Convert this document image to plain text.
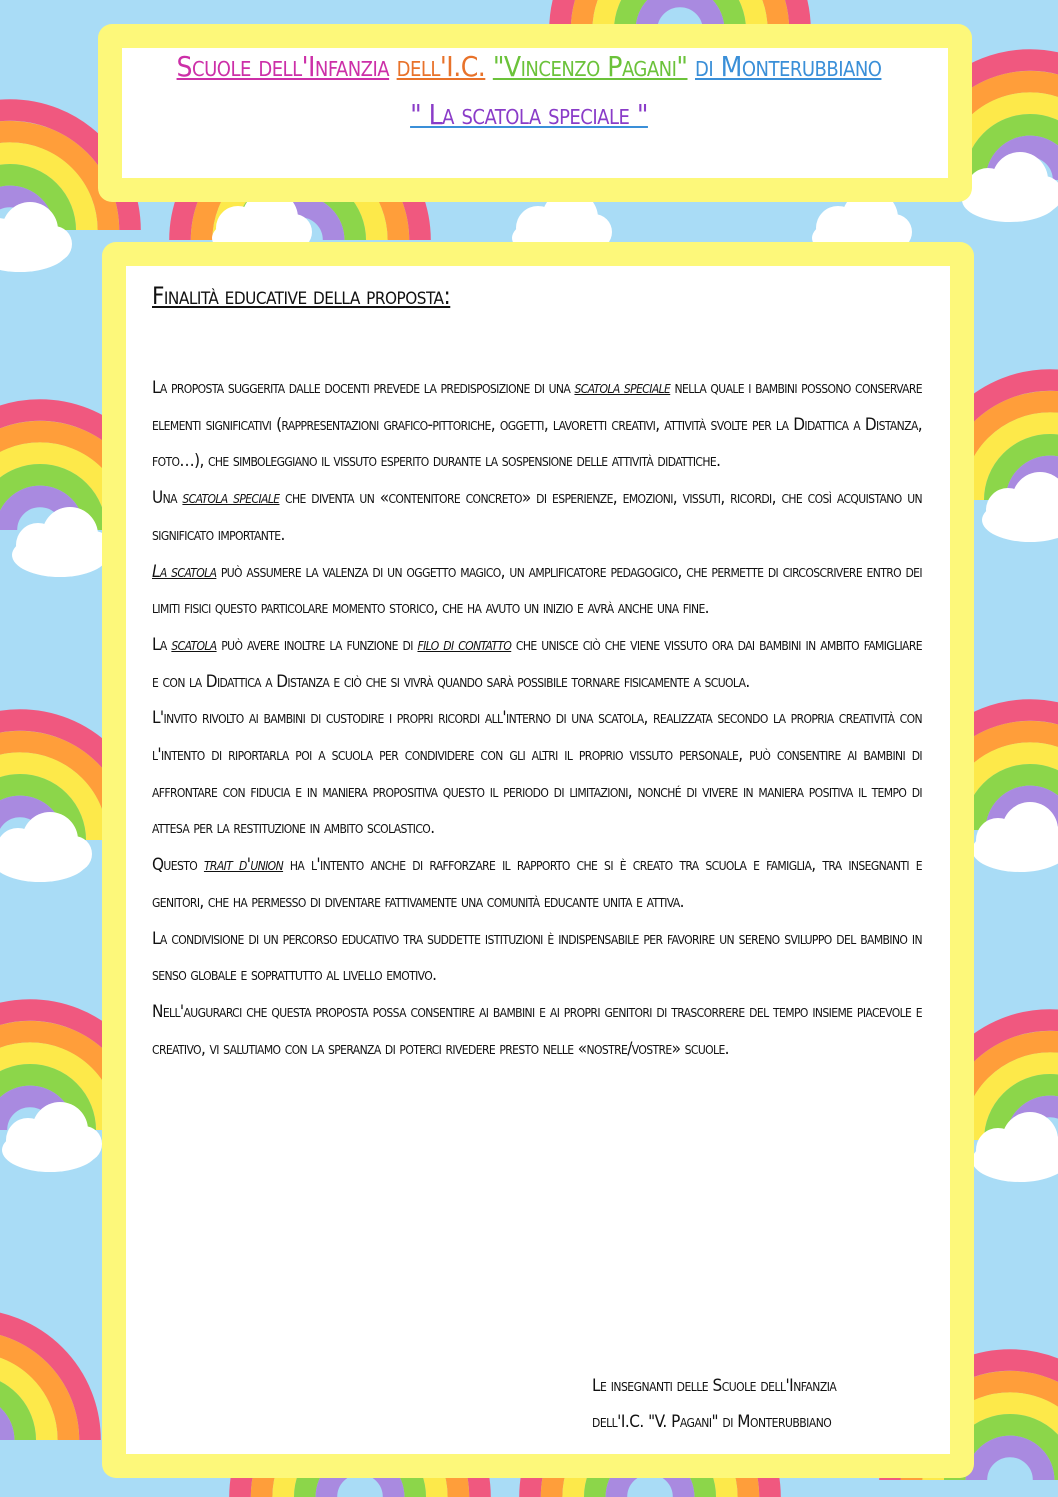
Scuole dell'Infanzia dell'I.C. "Vincenzo Pagani" di Monterubbiano
" La scatola speciale "
Finalità educative della proposta:

La proposta suggerita dalle docenti prevede la predisposizione di una scatola speciale nella quale i bambini possono conservare elementi significativi (rappresentazioni grafico-pittoriche, oggetti, lavoretti creativi, attività svolte per la Didattica a Distanza, foto…), che simboleggiano il vissuto esperito durante la sospensione delle attività didattiche.

Una scatola speciale che diventa un «contenitore concreto» di esperienze, emozioni, vissuti, ricordi, che così acquistano un significato importante.

La scatola può assumere la valenza di un oggetto magico, un amplificatore pedagogico, che permette di circoscrivere entro dei limiti fisici questo particolare momento storico, che ha avuto un inizio e avrà anche una fine.

La scatola può avere inoltre la funzione di filo di contatto che unisce ciò che viene vissuto ora dai bambini in ambito famigliare e con la Didattica a Distanza e ciò che si vivrà quando sarà possibile tornare fisicamente a scuola.

L'invito rivolto ai bambini di custodire i propri ricordi all'interno di una scatola, realizzata secondo la propria creatività con l'intento di riportarla poi a scuola per condividere con gli altri il proprio vissuto personale, può consentire ai bambini di affrontare con fiducia e in maniera propositiva questo il periodo di limitazioni, nonché di vivere in maniera positiva il tempo di attesa per la restituzione in ambito scolastico.

Questo trait d'union ha l'intento anche di rafforzare il rapporto che si è creato tra scuola e famiglia, tra insegnanti e genitori, che ha permesso di diventare fattivamente una comunità educante unita e attiva.

La condivisione di un percorso educativo tra suddette istituzioni è indispensabile per favorire un sereno sviluppo del bambino in senso globale e soprattutto al livello emotivo.

Nell'augurarci che questa proposta possa consentire ai bambini e ai propri genitori di trascorrere del tempo insieme piacevole e creativo, vi salutiamo con la speranza di poterci rivedere presto nelle «nostre/vostre» scuole.

Le insegnanti delle Scuole dell'Infanzia
dell'I.C. "V. Pagani" di Monterubbiano
